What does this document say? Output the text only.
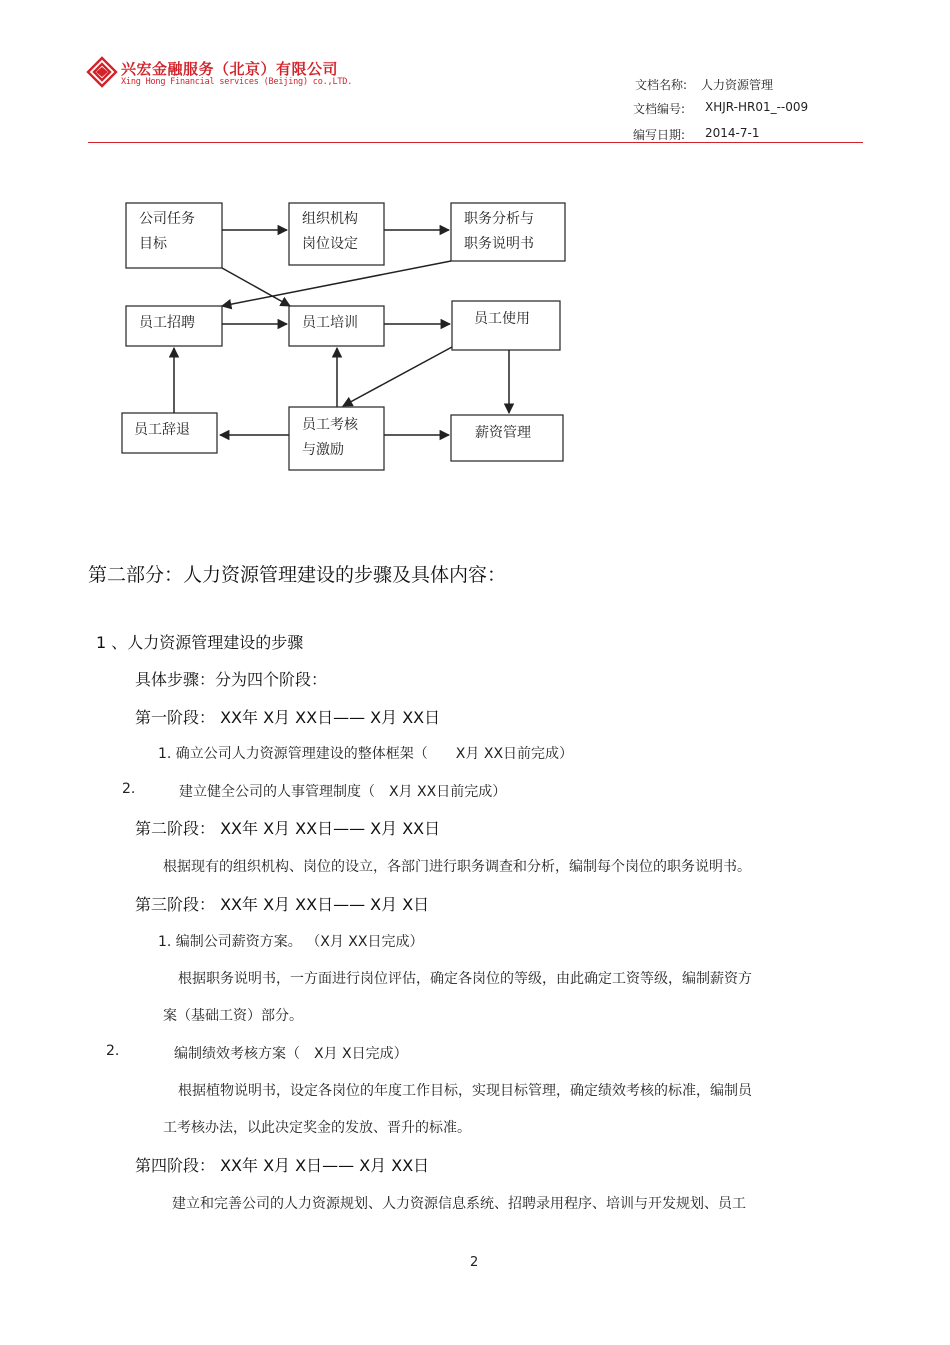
兴宏金融服务（北京）有限公司
Xing Hong Financial services (Beijing) co.,LTD.	文档名称: 人力资源管理
文档编号: XHJR-HR01_--009
编写日期: 2014-7-1
公司任务
目标
组织机构
岗位设定
职务分析与
职务说明书
员工招聘	员工培训	员工使用
员工辞退	员工考核
与激励
薪资管理
第二部分：人力资源管理建设的步骤及具体内容：
1 、人力资源管理建设的步骤
具体步骤：分为四个阶段：
第一阶段： XX年 X月 XX日—— X月 XX日
1. 确立公司人力资源管理建设的整体框架（　　X月 XX日前完成）
2.	建立健全公司的人事管理制度（　X月 XX日前完成）
第二阶段： XX年 X月 XX日—— X月 XX日
根据现有的组织机构、岗位的设立，各部门进行职务调查和分析，编制每个岗位的职务说明书。
第三阶段： XX年 X月 XX日—— X月 X日
1. 编制公司薪资方案。 （X月 XX日完成）
根据职务说明书，一方面进行岗位评估，确定各岗位的等级，由此确定工资等级，编制薪资方
案（基础工资）部分。
2.	编制绩效考核方案（　X月 X日完成）
根据植物说明书，设定各岗位的年度工作目标，实现目标管理，确定绩效考核的标准，编制员
工考核办法，以此决定奖金的发放、晋升的标准。
第四阶段： XX年 X月 X日—— X月 XX日
建立和完善公司的人力资源规划、人力资源信息系统、招聘录用程序、培训与开发规划、员工
2
